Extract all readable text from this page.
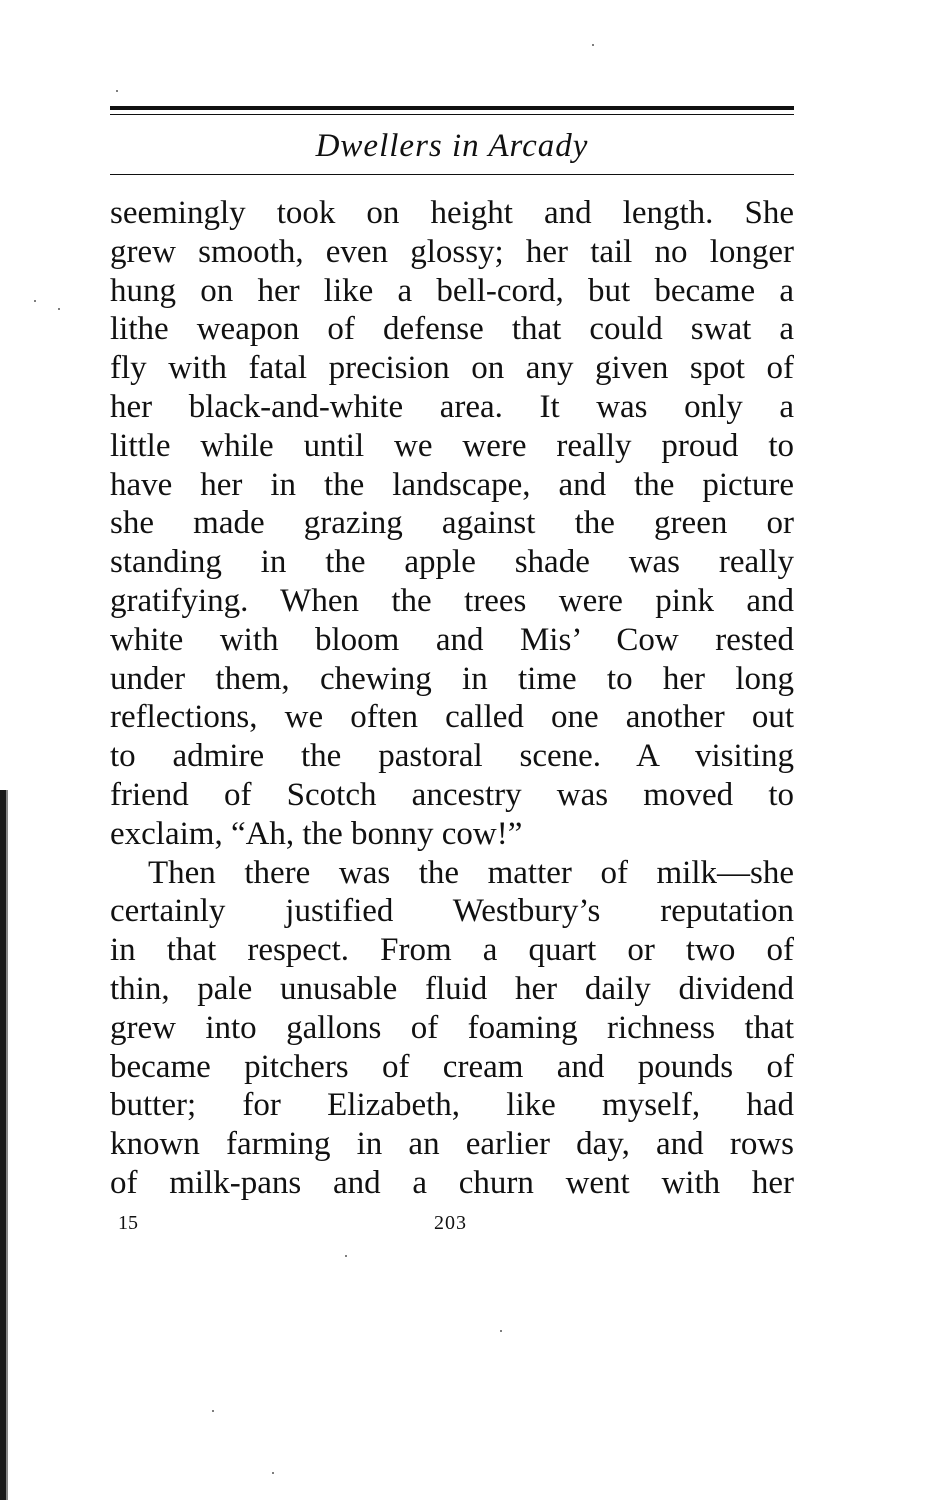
Dwellers in Arcady
seemingly took on height and length. She
grew smooth, even glossy; her tail no longer
hung on her like a bell-cord, but became a
lithe weapon of defense that could swat a
fly with fatal precision on any given spot of
her black-and-white area. It was only a
little while until we were really proud to
have her in the landscape, and the picture
she made grazing against the green or
standing in the apple shade was really
gratifying. When the trees were pink and
white with bloom and Mis’ Cow rested
under them, chewing in time to her long
reflections, we often called one another out
to admire the pastoral scene. A visiting
friend of Scotch ancestry was moved to
exclaim, “Ah, the bonny cow!”
Then there was the matter of milk—she
certainly justified Westbury’s reputation
in that respect. From a quart or two of
thin, pale unusable fluid her daily dividend
grew into gallons of foaming richness that
became pitchers of cream and pounds of
butter; for Elizabeth, like myself, had
known farming in an earlier day, and rows
of milk-pans and a churn went with her
15	203
